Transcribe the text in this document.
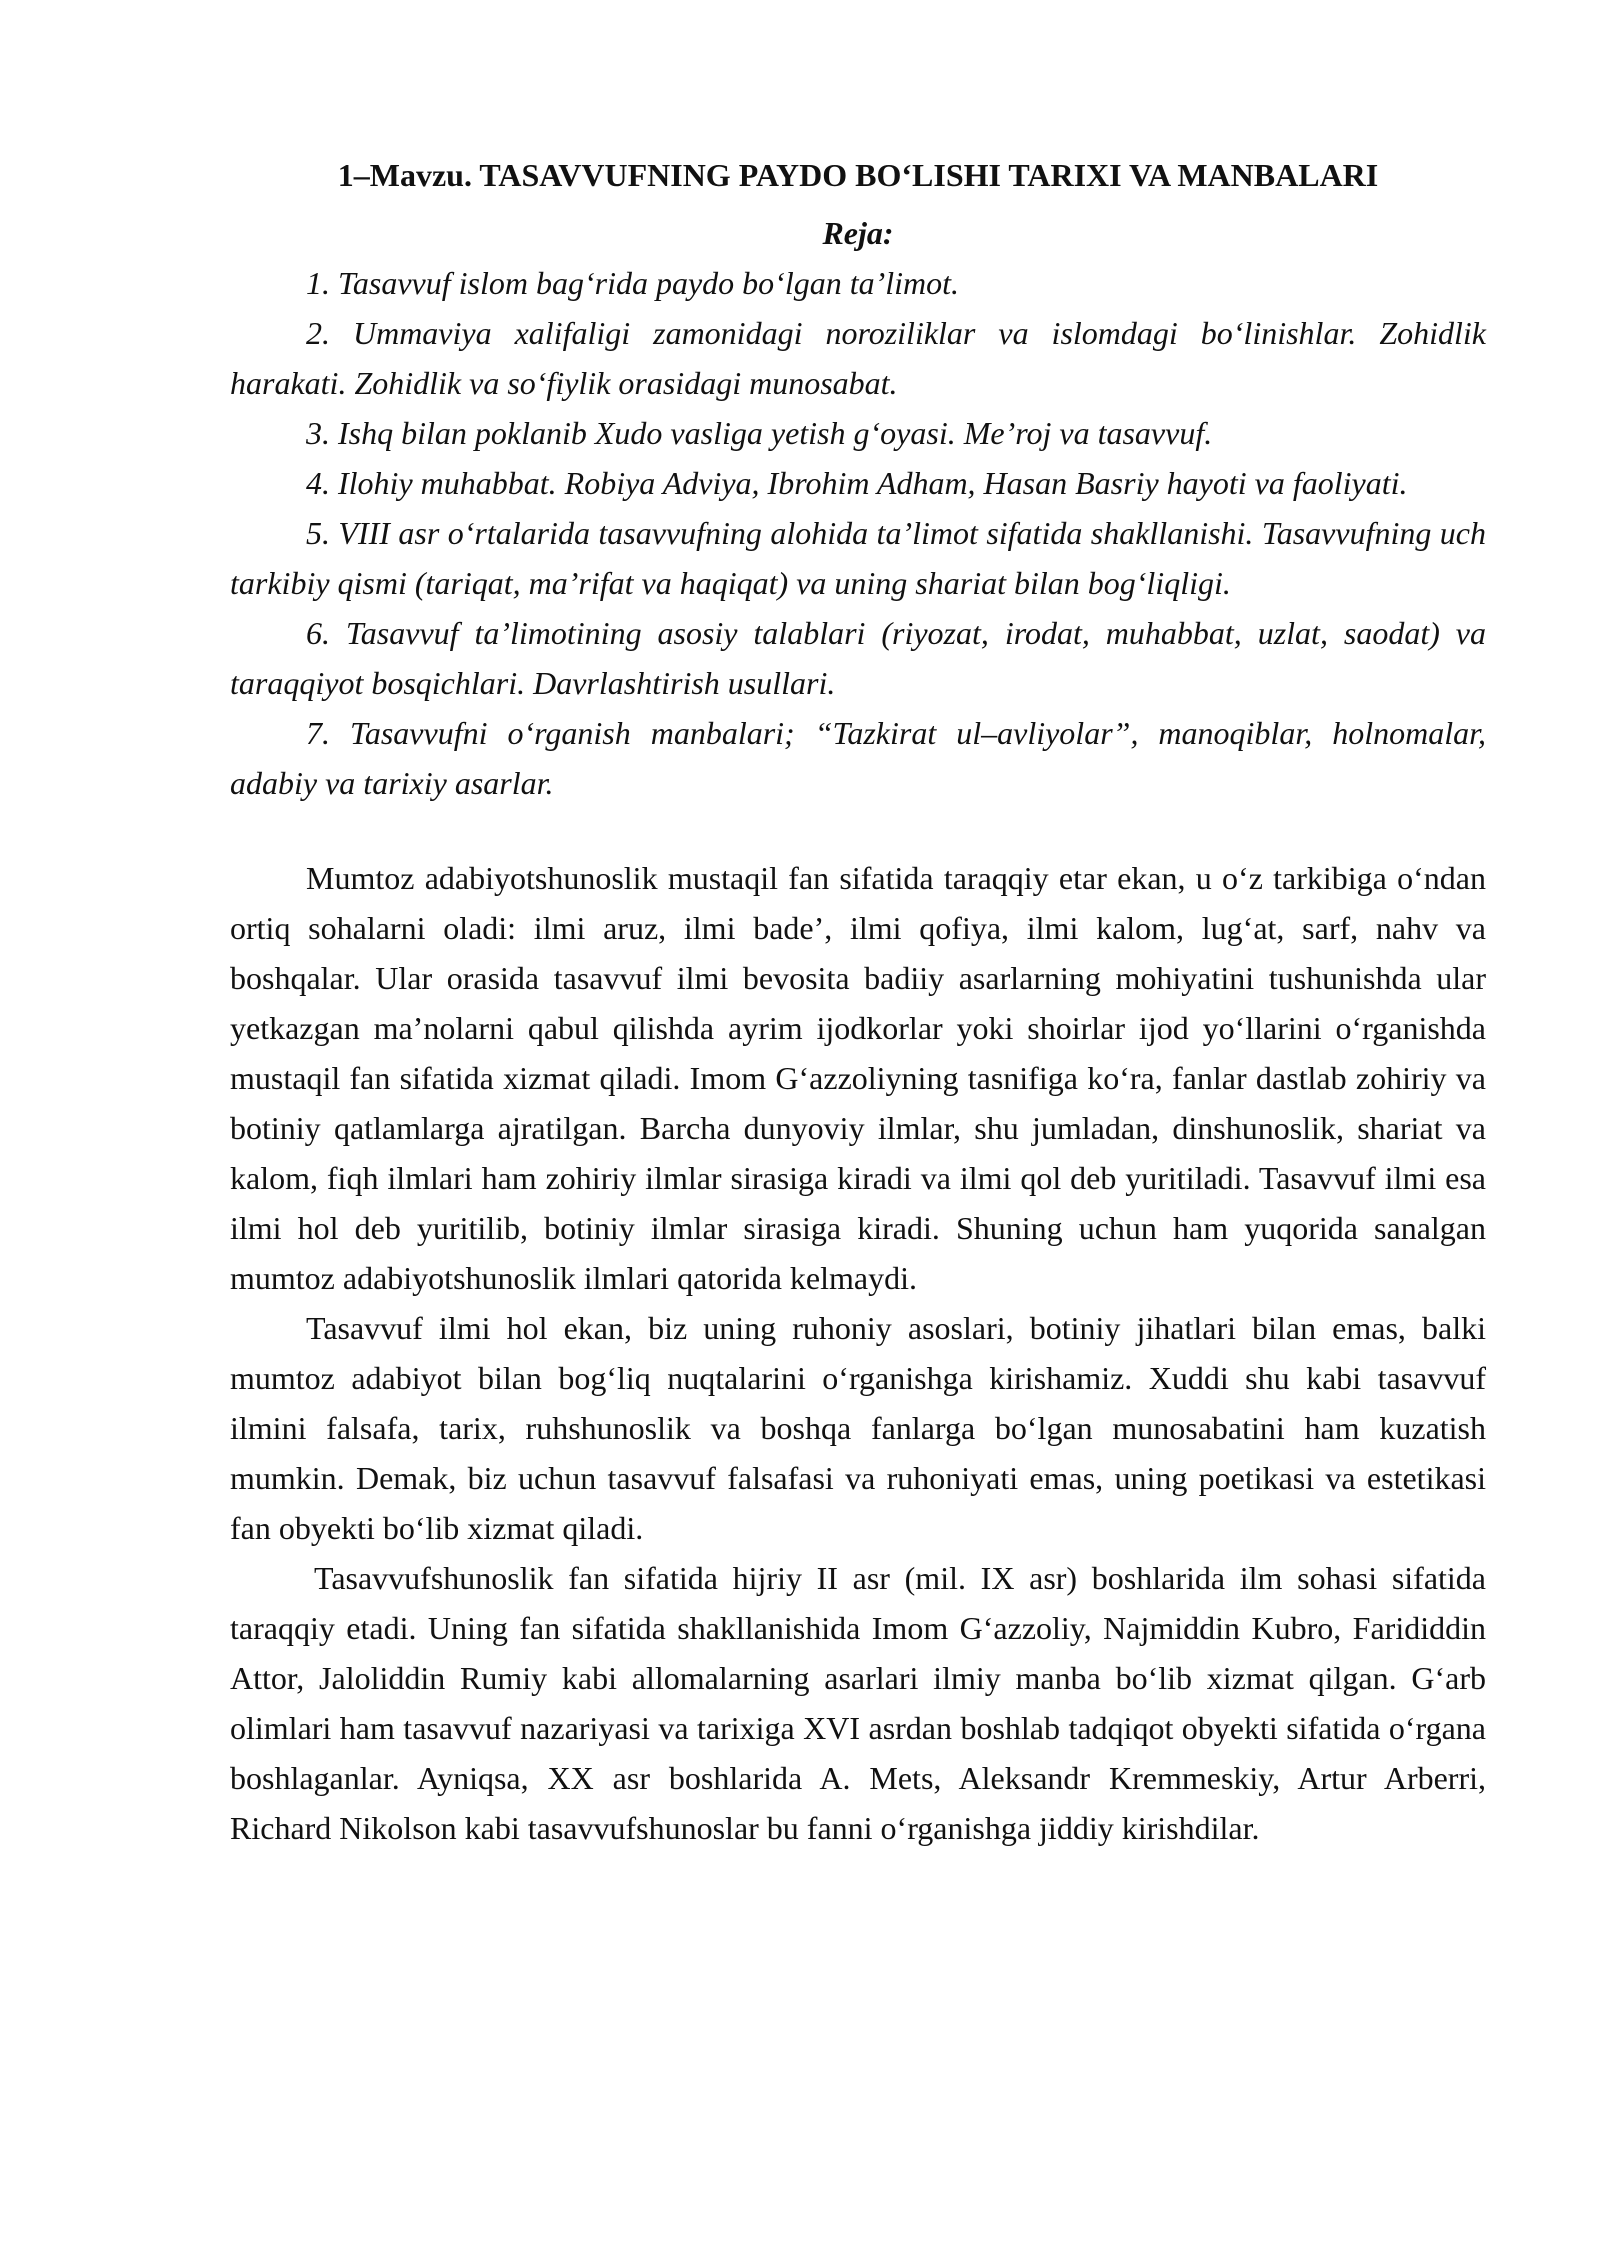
1–Mavzu. TASAVVUFNING PAYDO BO‘LISHI TARIXI VA MANBALARI

Reja:

1. Tasavvuf islom bag‘rida paydo bo‘lgan ta’limot.

2. Ummaviya xalifaligi zamonidagi noroziliklar va islomdagi bo‘linishlar. Zohidlik harakati. Zohidlik va so‘fiylik orasidagi munosabat.

3. Ishq bilan poklanib Xudo vasliga yetish g‘oyasi. Me’roj va tasavvuf.

4. Ilohiy muhabbat. Robiya Adviya, Ibrohim Adham, Hasan Basriy hayoti va faoliyati.

5. VIII asr o‘rtalarida tasavvufning alohida ta’limot sifatida shakllanishi. Tasavvufning uch tarkibiy qismi (tariqat, ma’rifat va haqiqat) va uning shariat bilan bog‘liqligi.

6. Tasavvuf ta’limotining asosiy talablari (riyozat, irodat, muhabbat, uzlat, saodat) va taraqqiyot bosqichlari. Davrlashtirish usullari.

7. Tasavvufni o‘rganish manbalari; “Tazkirat ul–avliyolar”, manoqiblar, holnomalar, adabiy va tarixiy asarlar.

Mumtoz adabiyotshunoslik mustaqil fan sifatida taraqqiy etar ekan, u o‘z tarkibiga o‘ndan ortiq sohalarni oladi: ilmi aruz, ilmi bade’, ilmi qofiya, ilmi kalom, lug‘at, sarf, nahv va boshqalar. Ular orasida tasavvuf ilmi bevosita badiiy asarlarning mohiyatini tushunishda ular yetkazgan ma’nolarni qabul qilishda ayrim ijodkorlar yoki shoirlar ijod yo‘llarini o‘rganishda mustaqil fan sifatida xizmat qiladi. Imom G‘azzoliyning tasnifiga ko‘ra, fanlar dastlab zohiriy va botiniy qatlamlarga ajratilgan. Barcha dunyoviy ilmlar, shu jumladan, dinshunoslik, shariat va kalom, fiqh ilmlari ham zohiriy ilmlar sirasiga kiradi va ilmi qol deb yuritiladi. Tasavvuf ilmi esa ilmi hol deb yuritilib, botiniy ilmlar sirasiga kiradi. Shuning uchun ham yuqorida sanalgan mumtoz adabiyotshunoslik ilmlari qatorida kelmaydi.

Tasavvuf ilmi hol ekan, biz uning ruhoniy asoslari, botiniy jihatlari bilan emas, balki mumtoz adabiyot bilan bog‘liq nuqtalarini o‘rganishga kirishamiz. Xuddi shu kabi tasavvuf ilmini falsafa, tarix, ruhshunoslik va boshqa fanlarga bo‘lgan munosabatini ham kuzatish mumkin. Demak, biz uchun tasavvuf falsafasi va ruhoniyati emas, uning poetikasi va estetikasi fan obyekti bo‘lib xizmat qiladi.

Tasavvufshunoslik fan sifatida hijriy II asr (mil. IX asr) boshlarida ilm sohasi sifatida taraqqiy etadi. Uning fan sifatida shakllanishida Imom G‘azzoliy, Najmiddin Kubro, Farididdin Attor, Jaloliddin Rumiy kabi allomalarning asarlari ilmiy manba bo‘lib xizmat qilgan. G‘arb olimlari ham tasavvuf nazariyasi va tarixiga XVI asrdan boshlab tadqiqot obyekti sifatida o‘rgana boshlaganlar. Ayniqsa, XX asr boshlarida A. Mets, Aleksandr Kremmeskiy, Artur Arberri, Richard Nikolson kabi tasavvufshunoslar bu fanni o‘rganishga jiddiy kirishdilar.
